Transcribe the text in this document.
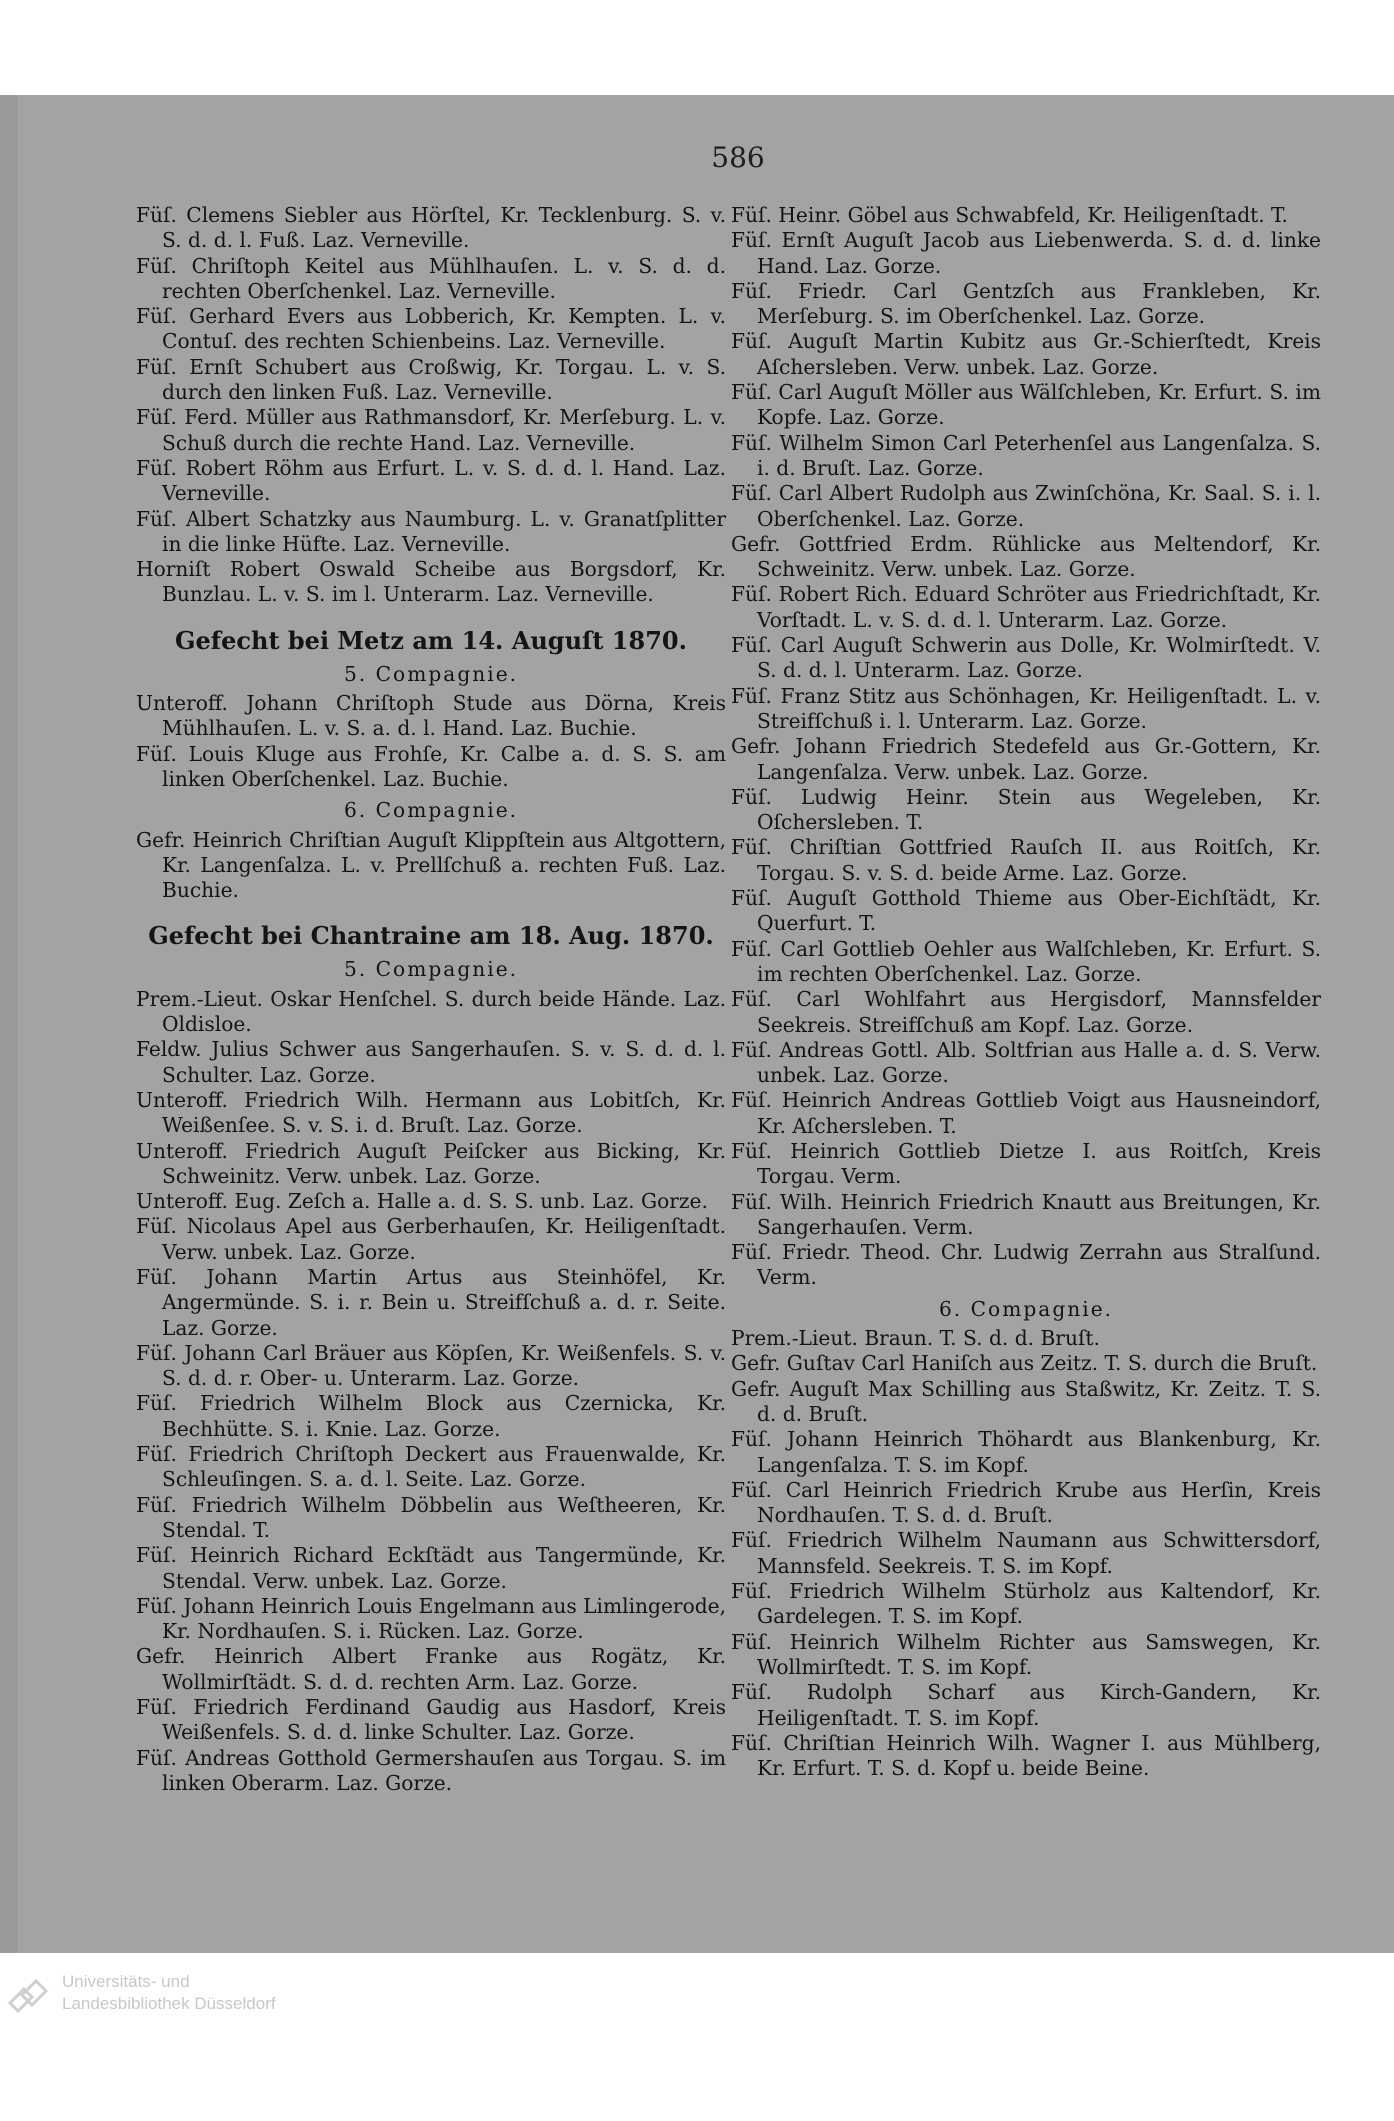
586
Füſ. Clemens Siebler aus Hörſtel, Kr. Tecklenburg. S. v. S. d. d. l. Fuß. Laz. Verneville.
Füſ. Chriſtoph Keitel aus Mühlhauſen. L. v. S. d. d. rechten Oberſchenkel. Laz. Verneville.
Füſ. Gerhard Evers aus Lobberich, Kr. Kempten. L. v. Contuſ. des rechten Schienbeins. Laz. Verneville.
Füſ. Ernſt Schubert aus Croßwig, Kr. Torgau. L. v. S. durch den linken Fuß. Laz. Verneville.
Füſ. Ferd. Müller aus Rathmansdorf, Kr. Merſeburg. L. v. Schuß durch die rechte Hand. Laz. Verneville.
Füſ. Robert Röhm aus Erfurt. L. v. S. d. d. l. Hand. Laz. Verneville.
Füſ. Albert Schatzky aus Naumburg. L. v. Granatſplitter in die linke Hüfte. Laz. Verneville.
Horniſt Robert Oswald Scheibe aus Borgsdorf, Kr. Bunzlau. L. v. S. im l. Unterarm. Laz. Verneville.
Gefecht bei Metz am 14. Auguſt 1870.
5. Compagnie.
Unteroff. Johann Chriſtoph Stude aus Dörna, Kreis Mühlhauſen. L. v. S. a. d. l. Hand. Laz. Buchie.
Füſ. Louis Kluge aus Frohſe, Kr. Calbe a. d. S. S. am linken Oberſchenkel. Laz. Buchie.
6. Compagnie.
Gefr. Heinrich Chriſtian Auguſt Klippſtein aus Altgottern, Kr. Langenſalza. L. v. Prellſchuß a. rechten Fuß. Laz. Buchie.
Gefecht bei Chantraine am 18. Aug. 1870.
5. Compagnie.
Prem.-Lieut. Oskar Henſchel. S. durch beide Hände. Laz. Oldisloe.
Feldw. Julius Schwer aus Sangerhauſen. S. v. S. d. d. l. Schulter. Laz. Gorze.
Unteroff. Friedrich Wilh. Hermann aus Lobitſch, Kr. Weißenſee. S. v. S. i. d. Bruſt. Laz. Gorze.
Unteroff. Friedrich Auguſt Peiſcker aus Bicking, Kr. Schweinitz. Verw. unbek. Laz. Gorze.
Unteroff. Eug. Zeſch a. Halle a. d. S. S. unb. Laz. Gorze.
Füſ. Nicolaus Apel aus Gerberhauſen, Kr. Heiligenſtadt. Verw. unbek. Laz. Gorze.
Füſ. Johann Martin Artus aus Steinhöfel, Kr. Angermünde. S. i. r. Bein u. Streifſchuß a. d. r. Seite. Laz. Gorze.
Füſ. Johann Carl Bräuer aus Köpſen, Kr. Weißenfels. S. v. S. d. d. r. Ober- u. Unterarm. Laz. Gorze.
Füſ. Friedrich Wilhelm Block aus Czernicka, Kr. Bechhütte. S. i. Knie. Laz. Gorze.
Füſ. Friedrich Chriſtoph Deckert aus Frauenwalde, Kr. Schleuſingen. S. a. d. l. Seite. Laz. Gorze.
Füſ. Friedrich Wilhelm Döbbelin aus Weſtheeren, Kr. Stendal. T.
Füſ. Heinrich Richard Eckſtädt aus Tangermünde, Kr. Stendal. Verw. unbek. Laz. Gorze.
Füſ. Johann Heinrich Louis Engelmann aus Limlingerode, Kr. Nordhauſen. S. i. Rücken. Laz. Gorze.
Gefr. Heinrich Albert Franke aus Rogätz, Kr. Wollmirſtädt. S. d. d. rechten Arm. Laz. Gorze.
Füſ. Friedrich Ferdinand Gaudig aus Hasdorf, Kreis Weißenfels. S. d. d. linke Schulter. Laz. Gorze.
Füſ. Andreas Gotthold Germershauſen aus Torgau. S. im linken Oberarm. Laz. Gorze.
Füſ. Heinr. Göbel aus Schwabfeld, Kr. Heiligenſtadt. T.
Füſ. Ernſt Auguſt Jacob aus Liebenwerda. S. d. d. linke Hand. Laz. Gorze.
Füſ. Friedr. Carl Gentzſch aus Frankleben, Kr. Merſeburg. S. im Oberſchenkel. Laz. Gorze.
Füſ. Auguſt Martin Kubitz aus Gr.-Schierſtedt, Kreis Aſchersleben. Verw. unbek. Laz. Gorze.
Füſ. Carl Auguſt Möller aus Wälſchleben, Kr. Erfurt. S. im Kopfe. Laz. Gorze.
Füſ. Wilhelm Simon Carl Peterhenſel aus Langenſalza. S. i. d. Bruſt. Laz. Gorze.
Füſ. Carl Albert Rudolph aus Zwinſchöna, Kr. Saal. S. i. l. Oberſchenkel. Laz. Gorze.
Gefr. Gottfried Erdm. Rühlicke aus Meltendorf, Kr. Schweinitz. Verw. unbek. Laz. Gorze.
Füſ. Robert Rich. Eduard Schröter aus Friedrichſtadt, Kr. Vorſtadt. L. v. S. d. d. l. Unterarm. Laz. Gorze.
Füſ. Carl Auguſt Schwerin aus Dolle, Kr. Wolmirſtedt. V. S. d. d. l. Unterarm. Laz. Gorze.
Füſ. Franz Stitz aus Schönhagen, Kr. Heiligenſtadt. L. v. Streifſchuß i. l. Unterarm. Laz. Gorze.
Gefr. Johann Friedrich Stedefeld aus Gr.-Gottern, Kr. Langenſalza. Verw. unbek. Laz. Gorze.
Füſ. Ludwig Heinr. Stein aus Wegeleben, Kr. Oſchersleben. T.
Füſ. Chriſtian Gottfried Rauſch II. aus Roitſch, Kr. Torgau. S. v. S. d. beide Arme. Laz. Gorze.
Füſ. Auguſt Gotthold Thieme aus Ober-Eichſtädt, Kr. Querfurt. T.
Füſ. Carl Gottlieb Oehler aus Walſchleben, Kr. Erfurt. S. im rechten Oberſchenkel. Laz. Gorze.
Füſ. Carl Wohlfahrt aus Hergisdorf, Mannsfelder Seekreis. Streifſchuß am Kopf. Laz. Gorze.
Füſ. Andreas Gottl. Alb. Soltfrian aus Halle a. d. S. Verw. unbek. Laz. Gorze.
Füſ. Heinrich Andreas Gottlieb Voigt aus Hausneindorf, Kr. Aſchersleben. T.
Füſ. Heinrich Gottlieb Dietze I. aus Roitſch, Kreis Torgau. Verm.
Füſ. Wilh. Heinrich Friedrich Knautt aus Breitungen, Kr. Sangerhauſen. Verm.
Füſ. Friedr. Theod. Chr. Ludwig Zerrahn aus Stralſund. Verm.
6. Compagnie.
Prem.-Lieut. Braun. T. S. d. d. Bruſt.
Gefr. Guſtav Carl Haniſch aus Zeitz. T. S. durch die Bruſt.
Gefr. Auguſt Max Schilling aus Staßwitz, Kr. Zeitz. T. S. d. d. Bruſt.
Füſ. Johann Heinrich Thöhardt aus Blankenburg, Kr. Langenſalza. T. S. im Kopf.
Füſ. Carl Heinrich Friedrich Krube aus Herſin, Kreis Nordhauſen. T. S. d. d. Bruſt.
Füſ. Friedrich Wilhelm Naumann aus Schwittersdorf, Mannsfeld. Seekreis. T. S. im Kopf.
Füſ. Friedrich Wilhelm Stürholz aus Kaltendorf, Kr. Gardelegen. T. S. im Kopf.
Füſ. Heinrich Wilhelm Richter aus Samswegen, Kr. Wollmirſtedt. T. S. im Kopf.
Füſ. Rudolph Scharf aus Kirch-Gandern, Kr. Heiligenſtadt. T. S. im Kopf.
Füſ. Chriſtian Heinrich Wilh. Wagner I. aus Mühlberg, Kr. Erfurt. T. S. d. Kopf u. beide Beine.
Universitäts- und
Landesbibliothek Düsseldorf
